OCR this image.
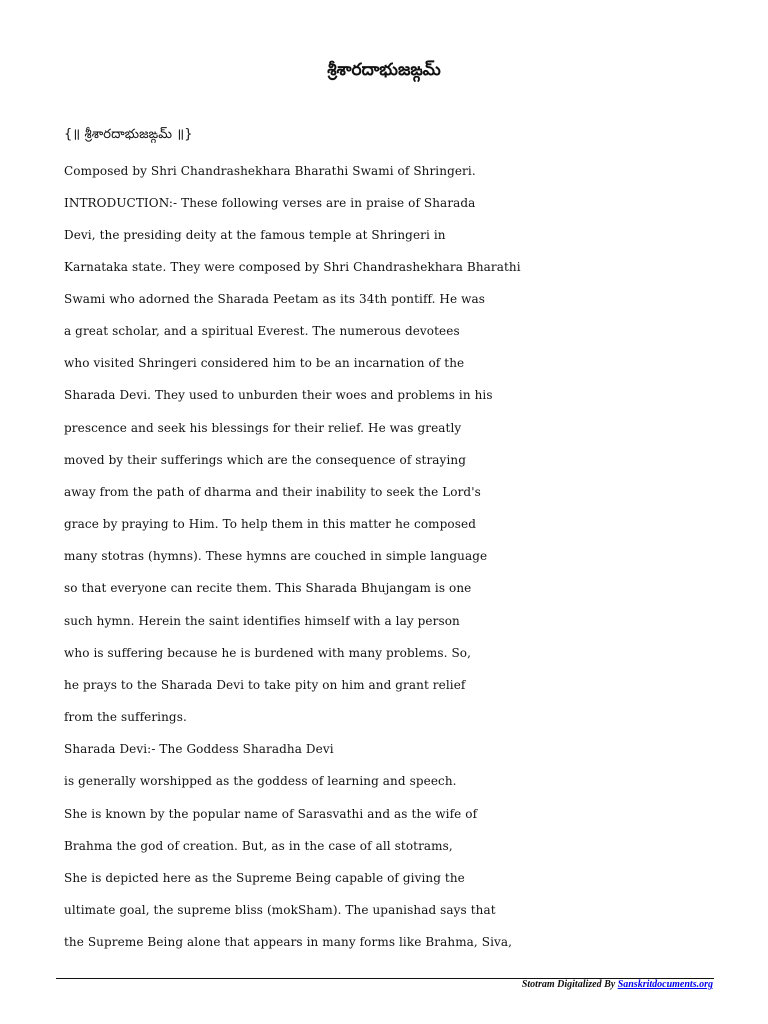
శ్రీశారదాభుజఙ్గమ్
{॥ శ్రీశారదాభుజఙ్గమ్ ॥}
Composed by Shri Chandrashekhara Bharathi Swami of Shringeri.
INTRODUCTION:- These following verses are in praise of Sharada
Devi, the presiding deity at the famous temple at Shringeri in
Karnataka state. They were composed by Shri Chandrashekhara Bharathi
Swami who adorned the Sharada Peetam as its 34th pontiff. He was
a great scholar, and a spiritual Everest. The numerous devotees
who visited Shringeri considered him to be an incarnation of the
Sharada Devi. They used to unburden their woes and problems in his
prescence and seek his blessings for their relief. He was greatly
moved by their sufferings which are the consequence of straying
away from the path of dharma and their inability to seek the Lord's
grace by praying to Him. To help them in this matter he composed
many stotras (hymns). These hymns are couched in simple language
so that everyone can recite them. This Sharada Bhujangam is one
such hymn. Herein the saint identifies himself with a lay person
who is suffering because he is burdened with many problems. So,
he prays to the Sharada Devi to take pity on him and grant relief
from the sufferings.
Sharada Devi:- The Goddess Sharadha Devi
is generally worshipped as the goddess of learning and speech.
She is known by the popular name of Sarasvathi and as the wife of
Brahma the god of creation. But, as in the case of all stotrams,
She is depicted here as the Supreme Being capable of giving the
ultimate goal, the supreme bliss (mokSham). The upanishad says that
the Supreme Being alone that appears in many forms like Brahma, Siva,
Stotram Digitalized By Sanskritdocuments.org
